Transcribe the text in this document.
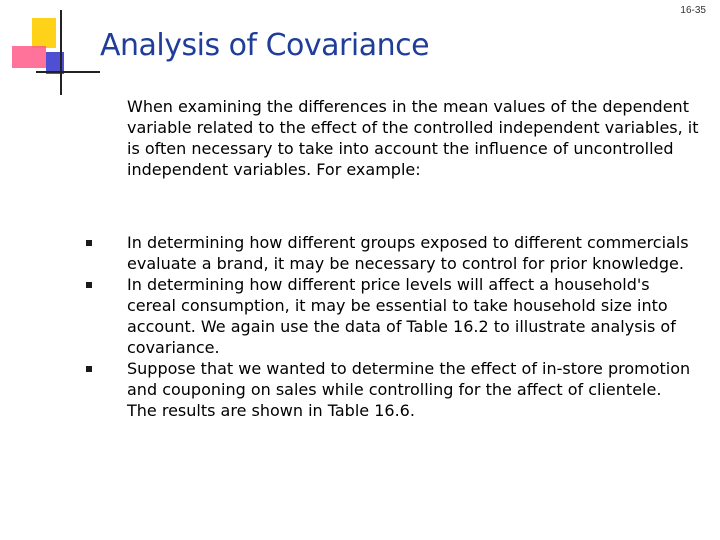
16-35
Analysis of Covariance

When examining the differences in the mean values of the dependent variable related to the effect of the controlled independent variables, it is often necessary to take into account the influence of uncontrolled independent variables. For example:

In determining how different groups exposed to different commercials evaluate a brand, it may be necessary to control for prior knowledge.
In determining how different price levels will affect a household's cereal consumption, it may be essential to take household size into account. We again use the data of Table 16.2 to illustrate analysis of covariance.
Suppose that we wanted to determine the effect of in-store promotion and couponing on sales while controlling for the affect of clientele. The results are shown in Table 16.6.
